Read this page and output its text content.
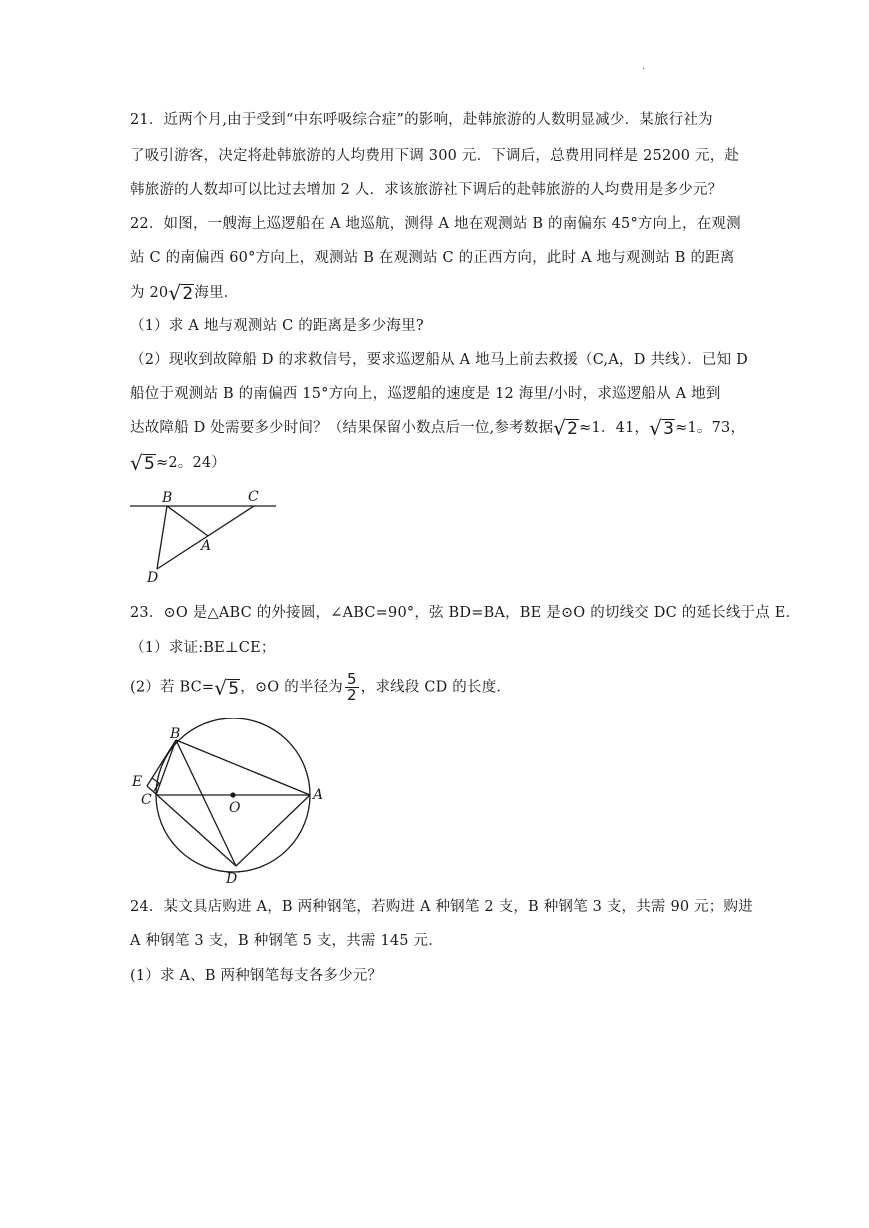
·
21．近两个月,由于受到“中东呼吸综合症”的影响，赴韩旅游的人数明显减少．某旅行社为
了吸引游客，决定将赴韩旅游的人均费用下调 300 元．下调后，总费用同样是 25200 元，赴
韩旅游的人数却可以比过去增加 2 人．求该旅游社下调后的赴韩旅游的人均费用是多少元？
22．如图，一艘海上巡逻船在 A 地巡航，测得 A 地在观测站 B 的南偏东 45°方向上，在观测
站 C 的南偏西 60°方向上，观测站 B 在观测站 C 的正西方向，此时 A 地与观测站 B 的距离
为 20 √ 2 海里．
（1）求 A 地与观测站 C 的距离是多少海里?
（2）现收到故障船 D 的求救信号，要求巡逻船从 A 地马上前去救援（C,A，D 共线）．已知 D
船位于观测站 B 的南偏西 15°方向上，巡逻船的速度是 12 海里/小时，求巡逻船从 A 地到
达故障船 D 处需要多少时间？（结果保留小数点后一位,参考数据 √ 2 ≈1．41， √ 3 ≈1。73，
√ 5 ≈2。24）
B	C
A
D
23．⊙O 是△ABC 的外接圆，∠ABC=90°，弦 BD=BA，BE 是⊙O 的切线交 DC 的延长线于点 E．
（1）求证:BE⊥CE；
(2）若 BC= √ 5 ，⊙O 的半径为 $\frac{5}{2}$ ，求线段 CD 的长度．
B
E
C	O
A
D
24．某文具店购进 A，B 两种钢笔，若购进 A 种钢笔 2 支，B 种钢笔 3 支，共需 90 元；购进
A 种钢笔 3 支，B 种钢笔 5 支，共需 145 元．
(1）求 A、B 两种钢笔每支各多少元？
